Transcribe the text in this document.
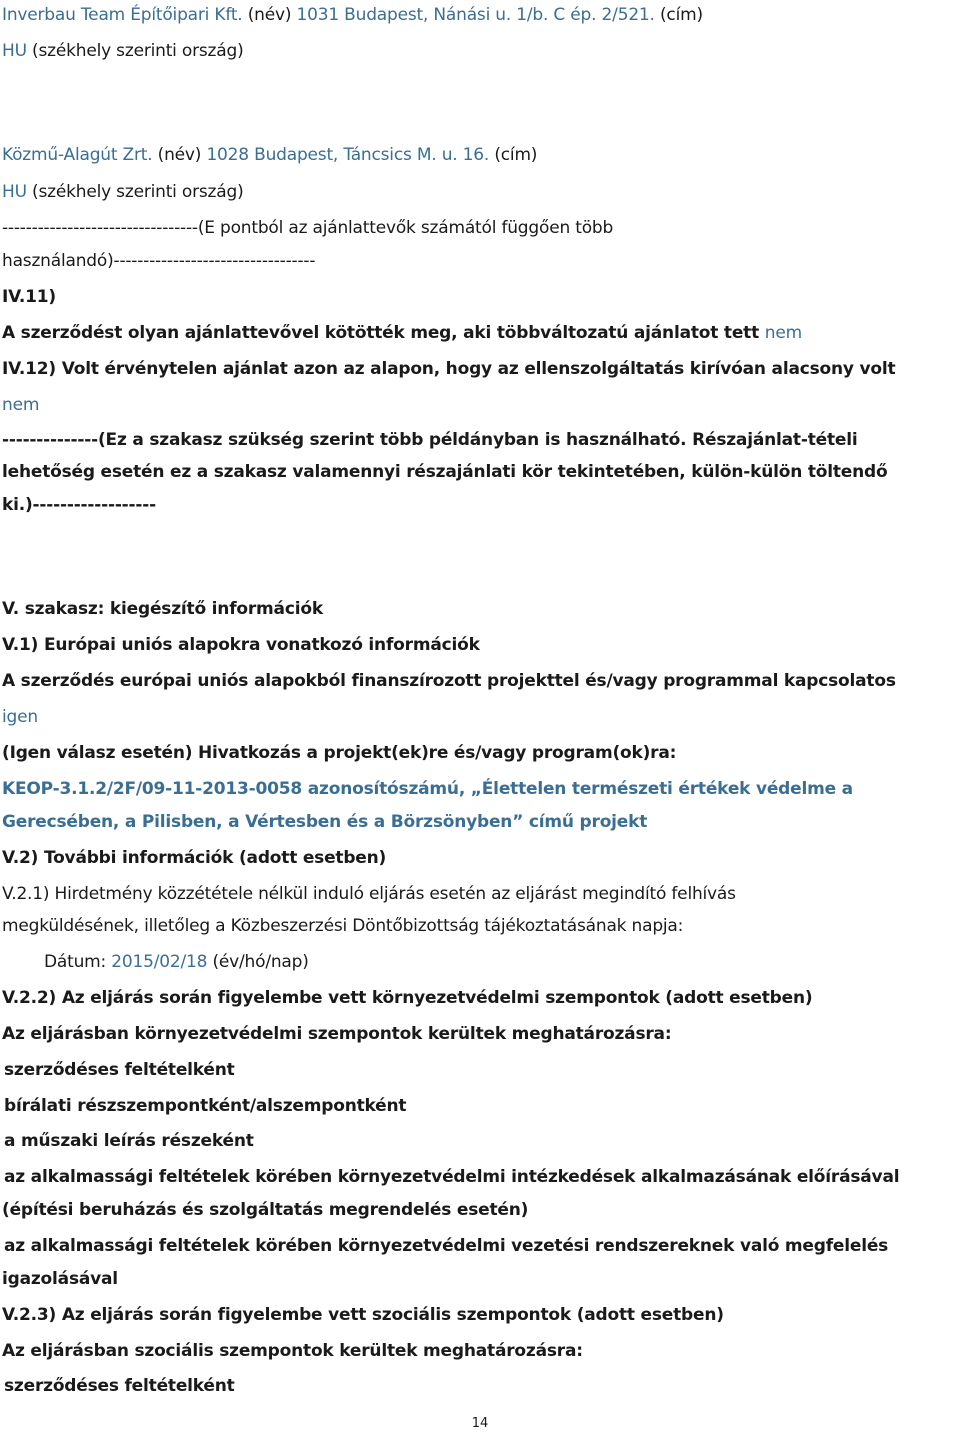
Inverbau Team Építőipari Kft. (név) 1031 Budapest, Nánási u. 1/b. C ép. 2/521. (cím)
HU (székhely szerinti ország)
Közmű-Alagút Zrt. (név) 1028 Budapest, Táncsics M. u. 16. (cím)
HU (székhely szerinti ország)
---------------------------------(E pontból az ajánlattevők számától függően több
használandó)----------------------------------
IV.11)
A szerződést olyan ajánlattevővel kötötték meg, aki többváltozatú ajánlatot tett nem
IV.12) Volt érvénytelen ajánlat azon az alapon, hogy az ellenszolgáltatás kirívóan alacsony volt
nem
--------------(Ez a szakasz szükség szerint több példányban is használható. Részajánlat-tételi
lehetőség esetén ez a szakasz valamennyi részajánlati kör tekintetében, külön-külön töltendő
ki.)------------------
V. szakasz: kiegészítő információk
V.1) Európai uniós alapokra vonatkozó információk
A szerződés európai uniós alapokból finanszírozott projekttel és/vagy programmal kapcsolatos
igen
(Igen válasz esetén) Hivatkozás a projekt(ek)re és/vagy program(ok)ra:
KEOP-3.1.2/2F/09-11-2013-0058 azonosítószámú, „Élettelen természeti értékek védelme a
Gerecsében, a Pilisben, a Vértesben és a Börzsönyben” című projekt
V.2) További információk (adott esetben)
V.2.1) Hirdetmény közzététele nélkül induló eljárás esetén az eljárást megindító felhívás
megküldésének, illetőleg a Közbeszerzési Döntőbizottság tájékoztatásának napja:
Dátum: 2015/02/18 (év/hó/nap)
V.2.2) Az eljárás során figyelembe vett környezetvédelmi szempontok (adott esetben)
Az eljárásban környezetvédelmi szempontok kerültek meghatározásra:
szerződéses feltételként
bírálati részszempontként/alszempontként
a műszaki leírás részeként
az alkalmassági feltételek körében környezetvédelmi intézkedések alkalmazásának előírásával
(építési beruházás és szolgáltatás megrendelés esetén)
az alkalmassági feltételek körében környezetvédelmi vezetési rendszereknek való megfelelés
igazolásával
V.2.3) Az eljárás során figyelembe vett szociális szempontok (adott esetben)
Az eljárásban szociális szempontok kerültek meghatározásra:
szerződéses feltételként
14
